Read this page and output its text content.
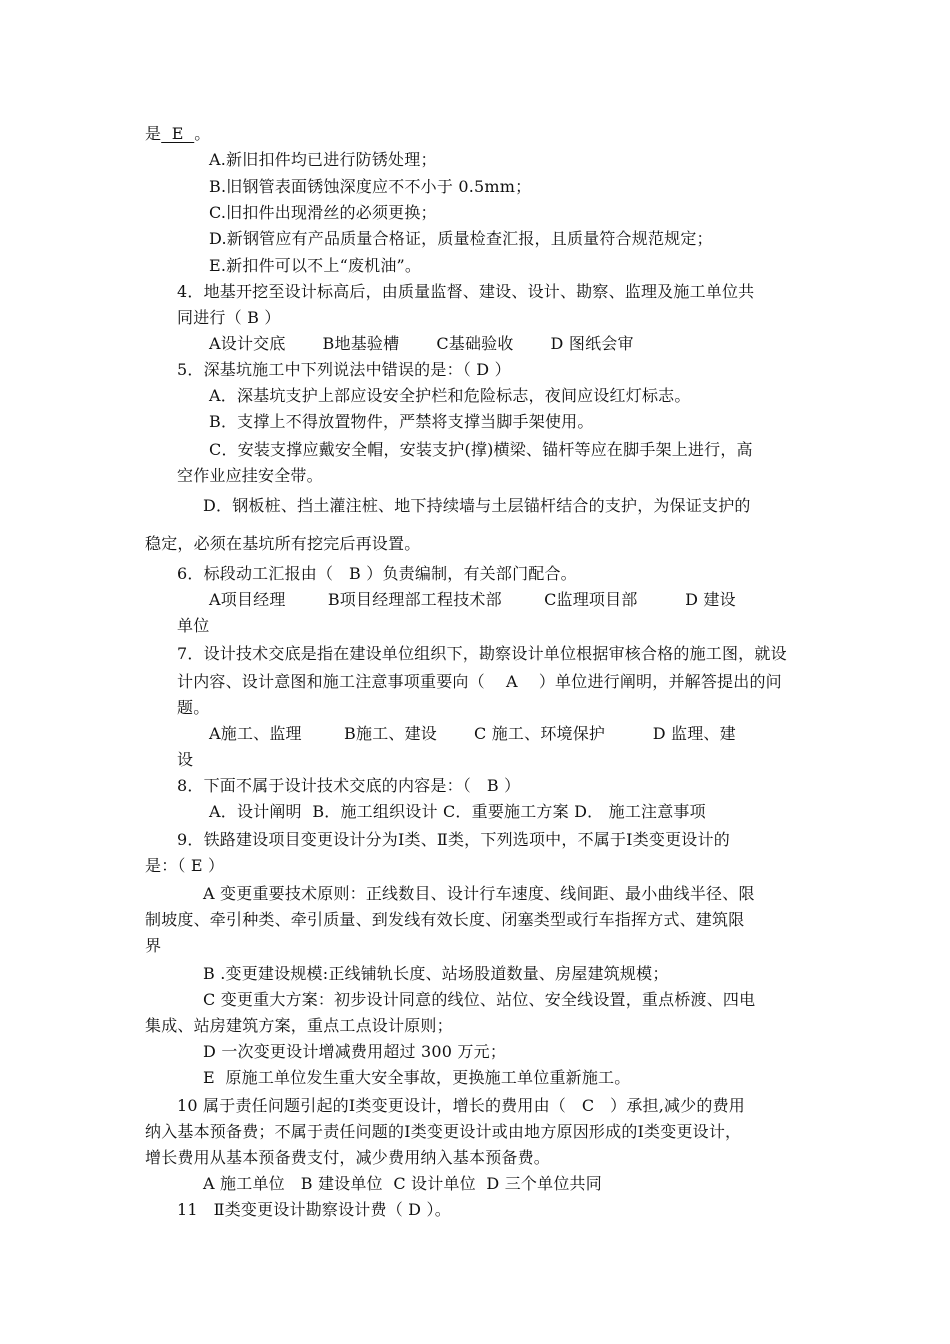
是  E  。
A.新旧扣件均已进行防锈处理；
B.旧钢管表面锈蚀深度应不不小于 0.5mm；
C.旧扣件出现滑丝的必须更换；
D.新钢管应有产品质量合格证，质量检查汇报，且质量符合规范规定；
E.新扣件可以不上“废机油”。
4．地基开挖至设计标高后，由质量监督、建设、设计、勘察、监理及施工单位共
同进行（ B ）
A设计交底       B地基验槽       C基础验收       D 图纸会审
5．深基坑施工中下列说法中错误的是：（ D ）
A．深基坑支护上部应设安全护栏和危险标志，夜间应设红灯标志。
B．支撑上不得放置物件，严禁将支撑当脚手架使用。
C．安装支撑应戴安全帽，安装支护(撑)横梁、锚杆等应在脚手架上进行，高
空作业应挂安全带。
D．钢板桩、挡土灌注桩、地下持续墙与土层锚杆结合的支护，为保证支护的
稳定，必须在基坑所有挖完后再设置。
6．标段动工汇报由（   B ）负责编制，有关部门配合。
A项目经理        B项目经理部工程技术部        C监理项目部         D 建设
单位
7．设计技术交底是指在建设单位组织下，勘察设计单位根据审核合格的施工图，就设
计内容、设计意图和施工注意事项重要向（    A    ）单位进行阐明，并解答提出的问
题。
A施工、监理        B施工、建设       C 施工、环境保护         D 监理、建
设
8．下面不属于设计技术交底的内容是：（   B ）
A．设计阐明  B．施工组织设计 C．重要施工方案 D． 施工注意事项
9．铁路建设项目变更设计分为Ⅰ类、Ⅱ类，下列选项中，不属于Ⅰ类变更设计的
是：（ E ）
A 变更重要技术原则：正线数目、设计行车速度、线间距、最小曲线半径、限
制坡度、牵引种类、牵引质量、到发线有效长度、闭塞类型或行车指挥方式、建筑限
界
B .变更建设规模:正线铺轨长度、站场股道数量、房屋建筑规模；
C 变更重大方案：初步设计同意的线位、站位、安全线设置，重点桥渡、四电
集成、站房建筑方案，重点工点设计原则；
D 一次变更设计增减费用超过 300 万元；
E  原施工单位发生重大安全事故，更换施工单位重新施工。
10 属于责任问题引起的Ⅰ类变更设计，增长的费用由（   C   ）承担,减少的费用
纳入基本预备费；不属于责任问题的Ⅰ类变更设计或由地方原因形成的Ⅰ类变更设计，
增长费用从基本预备费支付，减少费用纳入基本预备费。
A 施工单位   B 建设单位  C 设计单位  D 三个单位共同
11   Ⅱ类变更设计勘察设计费（ D ）。
